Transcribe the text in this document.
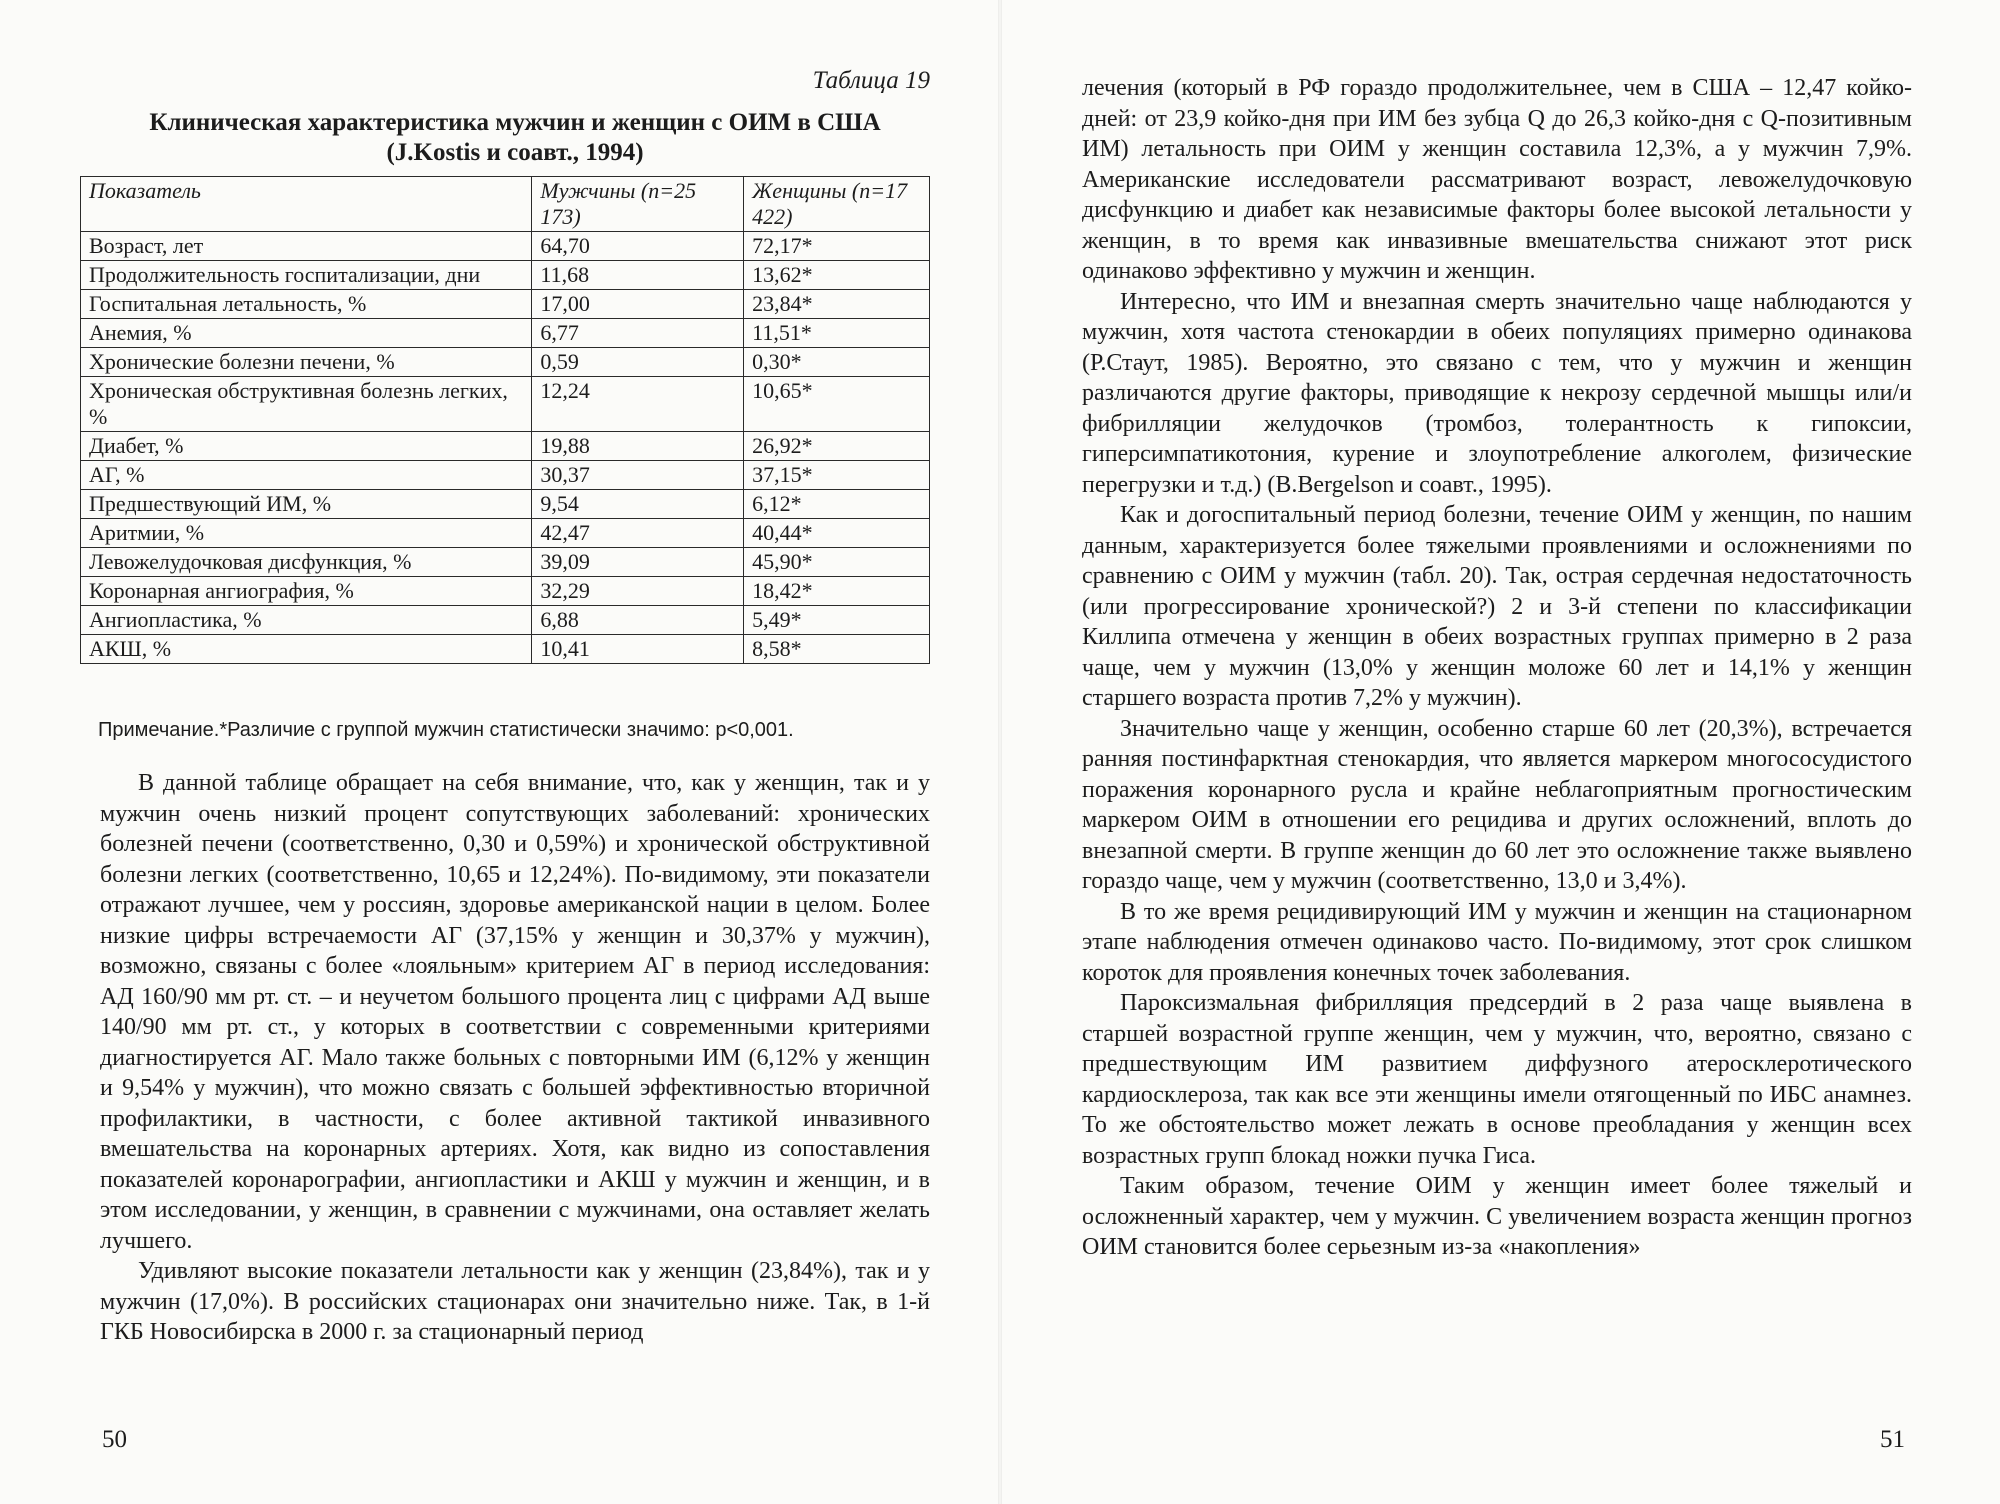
Таблица 19
Клиническая характеристика мужчин и женщин с ОИМ в США (J.Kostis и соавт., 1994)
Показатель	Мужчины (n=25 173)	Женщины (n=17 422)
Возраст, лет	64,70	72,17*
Продолжительность госпитализации, дни	11,68	13,62*
Госпитальная летальность, %	17,00	23,84*
Анемия, %	6,77	11,51*
Хронические болезни печени, %	0,59	0,30*
Хроническая обструктивная болезнь легких, %	12,24	10,65*
Диабет, %	19,88	26,92*
АГ, %	30,37	37,15*
Предшествующий ИМ, %	9,54	6,12*
Аритмии, %	42,47	40,44*
Левожелудочковая дисфункция, %	39,09	45,90*
Коронарная ангиография, %	32,29	18,42*
Ангиопластика, %	6,88	5,49*
АКШ, %	10,41	8,58*
Примечание.*Различие с группой мужчин статистически значимо: p<0,001.

В данной таблице обращает на себя внимание, что, как у женщин, так и у мужчин очень низкий процент сопутствующих заболеваний: хронических болезней печени (соответственно, 0,30 и 0,59%) и хронической обструктивной болезни легких (соответственно, 10,65 и 12,24%). По-видимому, эти показатели отражают лучшее, чем у россиян, здоровье американской нации в целом. Более низкие цифры встречаемости АГ (37,15% у женщин и 30,37% у мужчин), возможно, связаны с более «лояльным» критерием АГ в период исследования: АД 160/90 мм рт. ст. – и неучетом большого процента лиц с цифрами АД выше 140/90 мм рт. ст., у которых в соответствии с современными критериями диагностируется АГ. Мало также больных с повторными ИМ (6,12% у женщин и 9,54% у мужчин), что можно связать с большей эффективностью вторичной профилактики, в частности, с более активной тактикой инвазивного вмешательства на коронарных артериях. Хотя, как видно из сопоставления показателей коронарографии, ангиопластики и АКШ у мужчин и женщин, и в этом исследовании, у женщин, в сравнении с мужчинами, она оставляет желать лучшего.

Удивляют высокие показатели летальности как у женщин (23,84%), так и у мужчин (17,0%). В российских стационарах они значительно ниже. Так, в 1-й ГКБ Новосибирска в 2000 г. за стационарный период

50

лечения (который в РФ гораздо продолжительнее, чем в США – 12,47 койко-дней: от 23,9 койко-дня при ИМ без зубца Q до 26,3 койко-дня с Q-позитивным ИМ) летальность при ОИМ у женщин составила 12,3%, а у мужчин 7,9%. Американские исследователи рассматривают возраст, левожелудочковую дисфункцию и диабет как независимые факторы более высокой летальности у женщин, в то время как инвазивные вмешательства снижают этот риск одинаково эффективно у мужчин и женщин.

Интересно, что ИМ и внезапная смерть значительно чаще наблюдаются у мужчин, хотя частота стенокардии в обеих популяциях примерно одинакова (Р.Стаут, 1985). Вероятно, это связано с тем, что у мужчин и женщин различаются другие факторы, приводящие к некрозу сердечной мышцы или/и фибрилляции желудочков (тромбоз, толерантность к гипоксии, гиперсимпатикотония, курение и злоупотребление алкоголем, физические перегрузки и т.д.) (B.Bergelson и соавт., 1995).

Как и догоспитальный период болезни, течение ОИМ у женщин, по нашим данным, характеризуется более тяжелыми проявлениями и осложнениями по сравнению с ОИМ у мужчин (табл. 20). Так, острая сердечная недостаточность (или прогрессирование хронической?) 2 и 3-й степени по классификации Киллипа отмечена у женщин в обеих возрастных группах примерно в 2 раза чаще, чем у мужчин (13,0% у женщин моложе 60 лет и 14,1% у женщин старшего возраста против 7,2% у мужчин).

Значительно чаще у женщин, особенно старше 60 лет (20,3%), встречается ранняя постинфарктная стенокардия, что является маркером многососудистого поражения коронарного русла и крайне неблагоприятным прогностическим маркером ОИМ в отношении его рецидива и других осложнений, вплоть до внезапной смерти. В группе женщин до 60 лет это осложнение также выявлено гораздо чаще, чем у мужчин (соответственно, 13,0 и 3,4%).

В то же время рецидивирующий ИМ у мужчин и женщин на стационарном этапе наблюдения отмечен одинаково часто. По-видимому, этот срок слишком короток для проявления конечных точек заболевания.

Пароксизмальная фибрилляция предсердий в 2 раза чаще выявлена в старшей возрастной группе женщин, чем у мужчин, что, вероятно, связано с предшествующим ИМ развитием диффузного атеросклеротического кардиосклероза, так как все эти женщины имели отягощенный по ИБС анамнез. То же обстоятельство может лежать в основе преобладания у женщин всех возрастных групп блокад ножки пучка Гиса.

Таким образом, течение ОИМ у женщин имеет более тяжелый и осложненный характер, чем у мужчин. С увеличением возраста женщин прогноз ОИМ становится более серьезным из-за «накопления»

51
